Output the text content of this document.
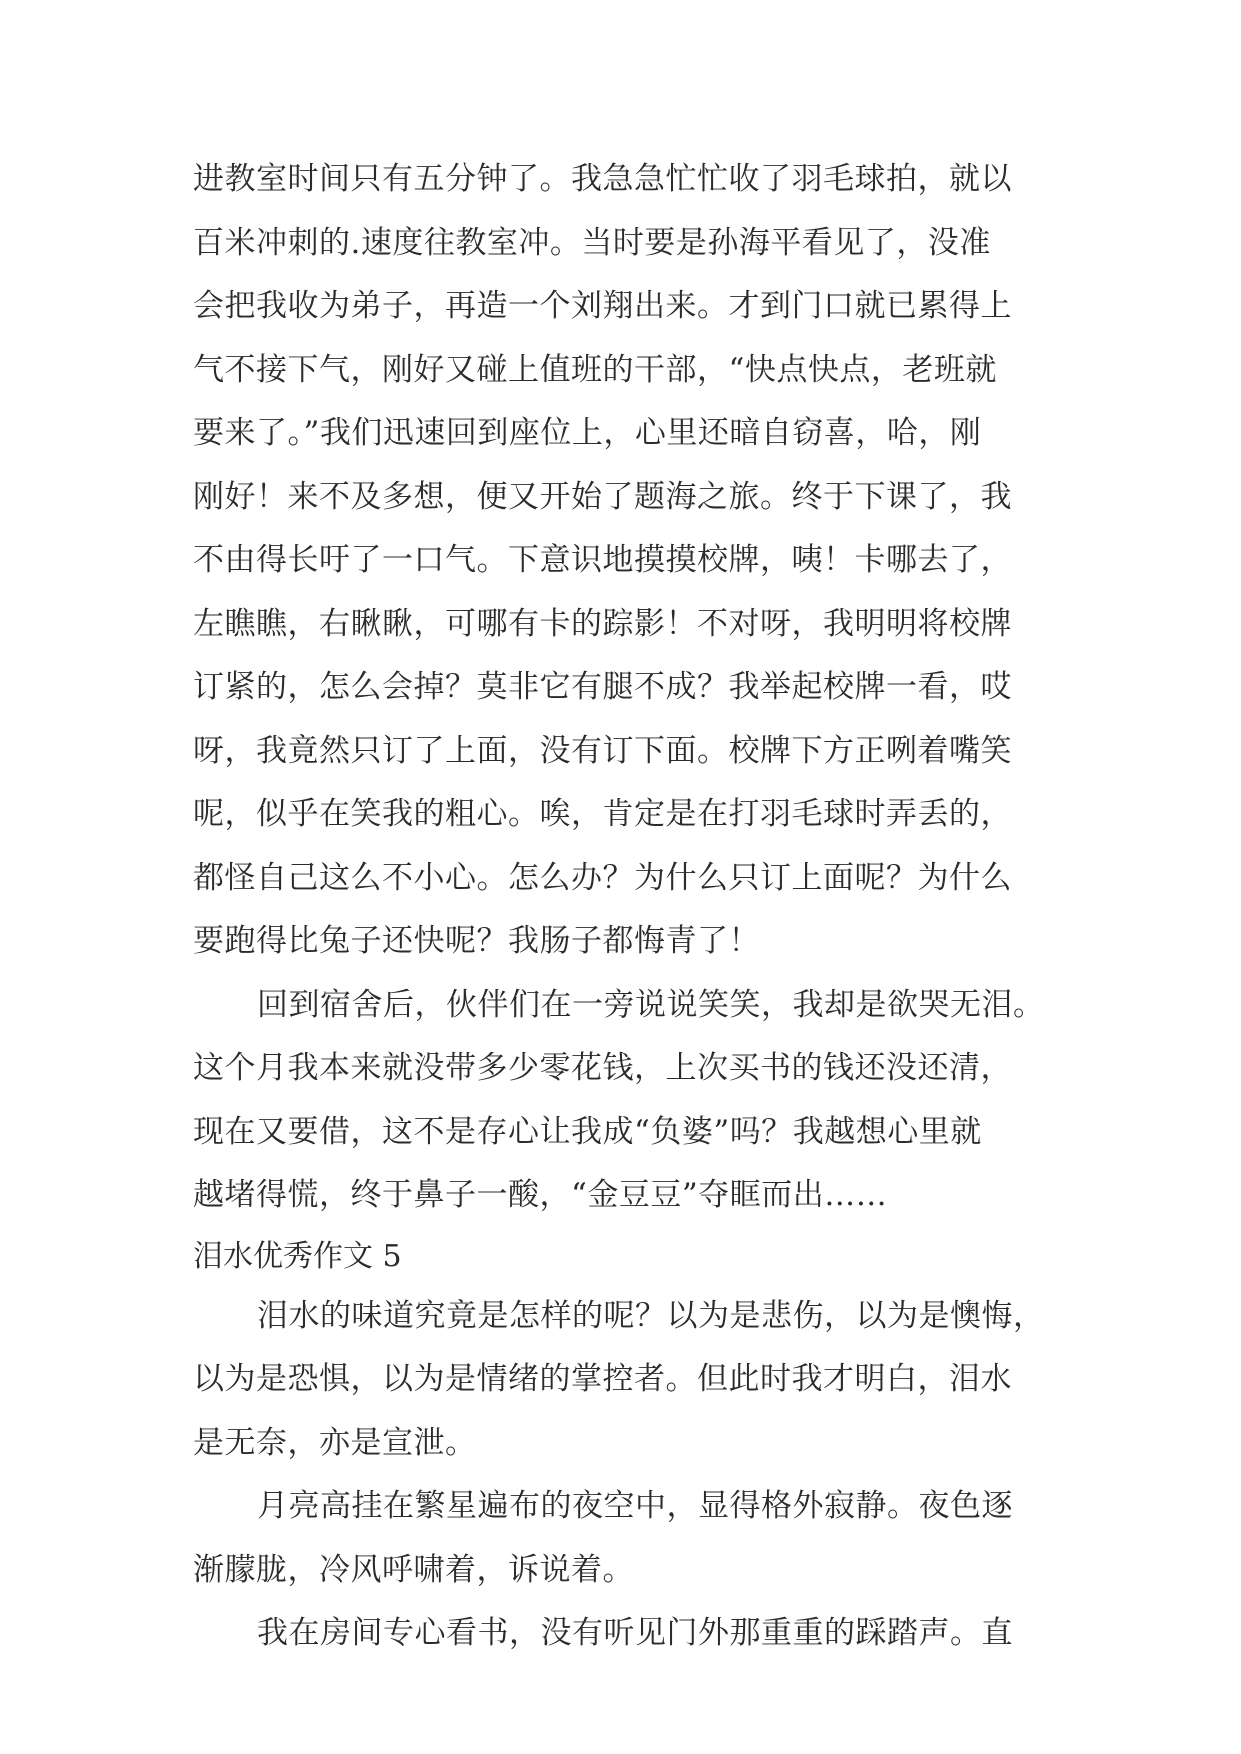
进教室时间只有五分钟了。我急急忙忙收了羽毛球拍，就以
百米冲刺的.速度往教室冲。当时要是孙海平看见了，没准
会把我收为弟子，再造一个刘翔出来。才到门口就已累得上
气不接下气，刚好又碰上值班的干部，“快点快点，老班就
要来了。”我们迅速回到座位上，心里还暗自窃喜，哈，刚
刚好！来不及多想，便又开始了题海之旅。终于下课了，我
不由得长吁了一口气。下意识地摸摸校牌，咦！卡哪去了，
左瞧瞧，右瞅瞅，可哪有卡的踪影！不对呀，我明明将校牌
订紧的，怎么会掉？莫非它有腿不成？我举起校牌一看，哎
呀，我竟然只订了上面，没有订下面。校牌下方正咧着嘴笑
呢，似乎在笑我的粗心。唉，肯定是在打羽毛球时弄丢的，
都怪自己这么不小心。怎么办？为什么只订上面呢？为什么
要跑得比兔子还快呢？我肠子都悔青了！
回到宿舍后，伙伴们在一旁说说笑笑，我却是欲哭无泪。
这个月我本来就没带多少零花钱，上次买书的钱还没还清，
现在又要借，这不是存心让我成“负婆”吗？我越想心里就
越堵得慌，终于鼻子一酸，“金豆豆”夺眶而出……
泪水优秀作文 5
泪水的味道究竟是怎样的呢？以为是悲伤，以为是懊悔，
以为是恐惧，以为是情绪的掌控者。但此时我才明白，泪水
是无奈，亦是宣泄。
月亮高挂在繁星遍布的夜空中，显得格外寂静。夜色逐
渐朦胧，冷风呼啸着，诉说着。
我在房间专心看书，没有听见门外那重重的踩踏声。直
